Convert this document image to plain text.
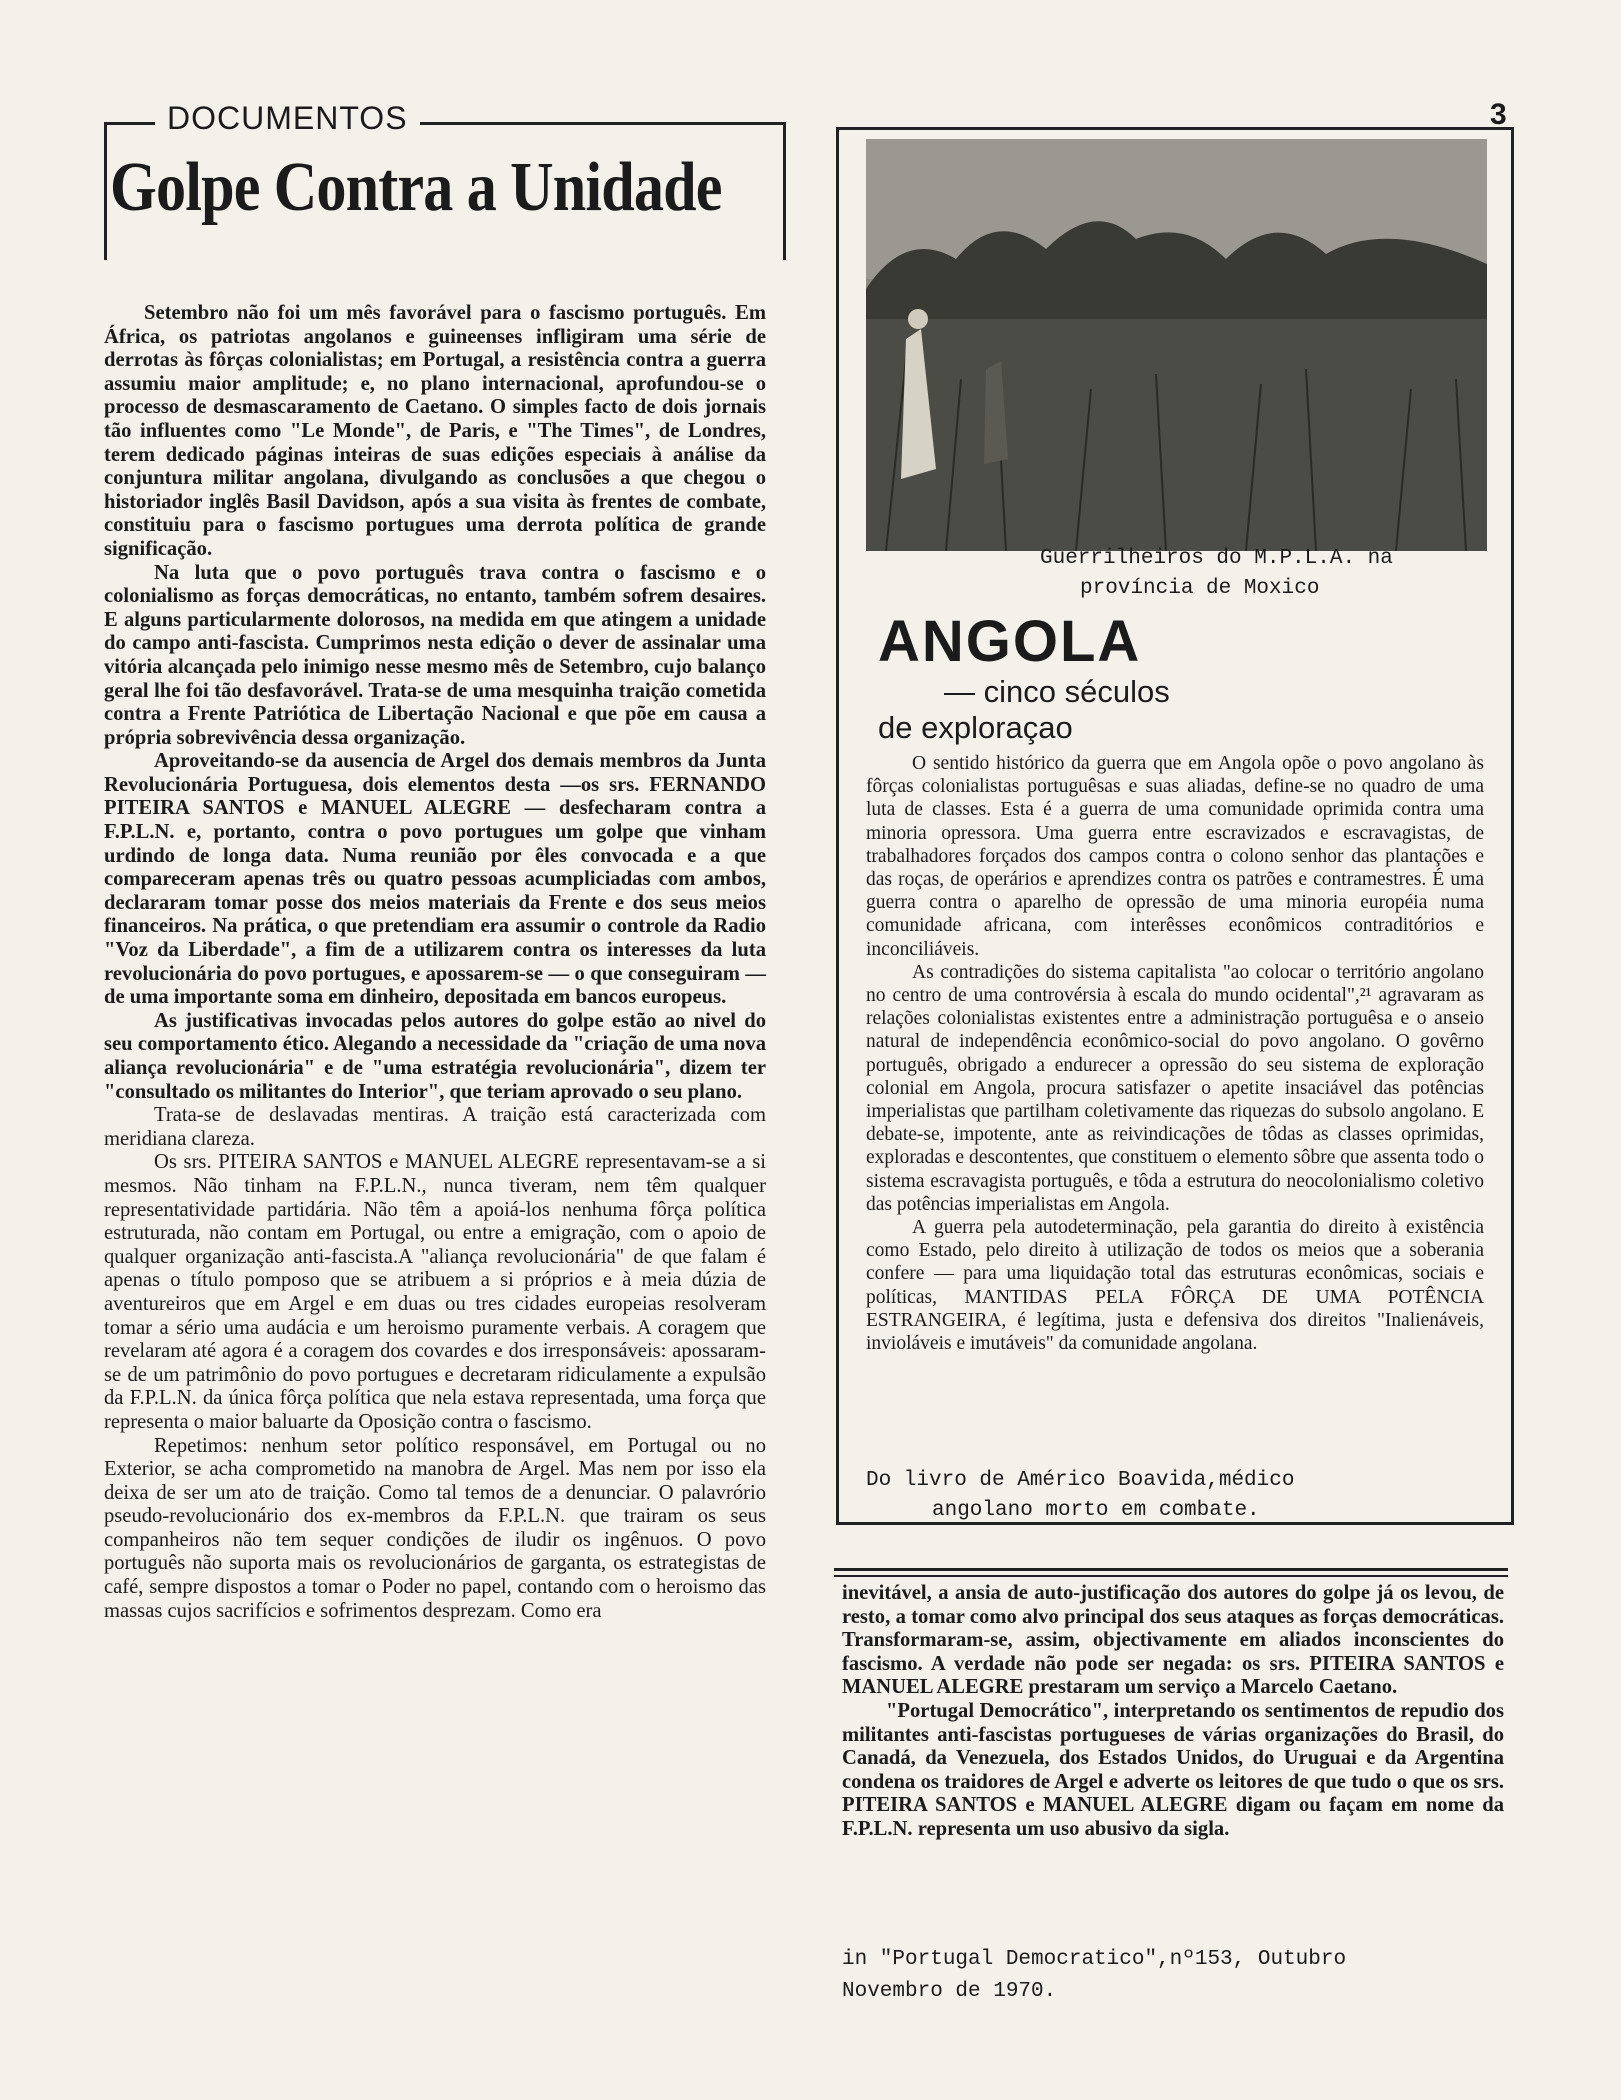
3
DOCUMENTOS
Golpe Contra a Unidade

Setembro não foi um mês favorável para o fascismo português. Em África, os patriotas angolanos e guineenses infligiram uma série de derrotas às fôrças colonialistas; em Portugal, a resistência contra a guerra assumiu maior amplitude; e, no plano internacional, aprofundou-se o processo de desmascaramento de Caetano. O simples facto de dois jornais tão influentes como "Le Monde", de Paris, e "The Times", de Londres, terem dedicado páginas inteiras de suas edições especiais à análise da conjuntura militar angolana, divulgando as conclusões a que chegou o historiador inglês Basil Davidson, após a sua visita às frentes de combate, constituiu para o fascismo portugues uma derrota política de grande significação.

Na luta que o povo português trava contra o fascismo e o colonialismo as forças democráticas, no entanto, também sofrem desaires. E alguns particularmente dolorosos, na medida em que atingem a unidade do campo anti-fascista. Cumprimos nesta edição o dever de assinalar uma vitória alcançada pelo inimigo nesse mesmo mês de Setembro, cujo balanço geral lhe foi tão desfavorável. Trata-se de uma mesquinha traição cometida contra a Frente Patriótica de Libertação Nacional e que põe em causa a própria sobrevivência dessa organização.

Aproveitando-se da ausencia de Argel dos demais membros da Junta Revolucionária Portuguesa, dois elementos desta —os srs. FERNANDO PITEIRA SANTOS e MANUEL ALEGRE — desfecharam contra a F.P.L.N. e, portanto, contra o povo portugues um golpe que vinham urdindo de longa data. Numa reunião por êles convocada e a que compareceram apenas três ou quatro pessoas acumpliciadas com ambos, declararam tomar posse dos meios materiais da Frente e dos seus meios financeiros. Na prática, o que pretendiam era assumir o controle da Radio "Voz da Liberdade", a fim de a utilizarem contra os interesses da luta revolucionária do povo portugues, e apossarem-se — o que conseguiram — de uma importante soma em dinheiro, depositada em bancos europeus.

As justificativas invocadas pelos autores do golpe estão ao nivel do seu comportamento ético. Alegando a necessidade da "criação de uma nova aliança revolucionária" e de "uma estratégia revolucionária", dizem ter "consultado os militantes do Interior", que teriam aprovado o seu plano.

Trata-se de deslavadas mentiras. A traição está caracterizada com meridiana clareza.

Os srs. PITEIRA SANTOS e MANUEL ALEGRE representavam-se a si mesmos. Não tinham na F.P.L.N., nunca tiveram, nem têm qualquer representatividade partidária. Não têm a apoiá-los nenhuma fôrça política estruturada, não contam em Portugal, ou entre a emigração, com o apoio de qualquer organização anti-fascista.A "aliança revolucionária" de que falam é apenas o título pomposo que se atribuem a si próprios e à meia dúzia de aventureiros que em Argel e em duas ou tres cidades europeias resolveram tomar a sério uma audácia e um heroismo puramente verbais. A coragem que revelaram até agora é a coragem dos covardes e dos irresponsáveis: apossaram-se de um patrimônio do povo portugues e decretaram ridiculamente a expulsão da F.P.L.N. da única fôrça política que nela estava representada, uma força que representa o maior baluarte da Oposição contra o fascismo.

Repetimos: nenhum setor político responsável, em Portugal ou no Exterior, se acha comprometido na manobra de Argel. Mas nem por isso ela deixa de ser um ato de traição. Como tal temos de a denunciar. O palavrório pseudo-revolucionário dos ex-membros da F.P.L.N. que trairam os seus companheiros não tem sequer condições de iludir os ingênuos. O povo português não suporta mais os revolucionários de garganta, os estrategistas de café, sempre dispostos a tomar o Poder no papel, contando com o heroismo das massas cujos sacrifícios e sofrimentos desprezam. Como era

Guerrilheiros do M.P.L.A. na
província de Moxico
ANGOLA
— cinco séculos
de exploraçao

O sentido histórico da guerra que em Angola opõe o povo angolano às fôrças colonialistas portuguêsas e suas aliadas, define-se no quadro de uma luta de classes. Esta é a guerra de uma comunidade oprimida contra uma minoria opressora. Uma guerra entre escravizados e escravagistas, de trabalhadores forçados dos campos contra o colono senhor das plantações e das roças, de operários e aprendizes contra os patrões e contramestres. É uma guerra contra o aparelho de opressão de uma minoria européia numa comunidade africana, com interêsses econômicos contraditórios e inconciliáveis.

As contradições do sistema capitalista "ao colocar o território angolano no centro de uma controvérsia à escala do mundo ocidental",²¹ agravaram as relações colonialistas existentes entre a administração portuguêsa e o anseio natural de independência econômico-social do povo angolano. O govêrno português, obrigado a endurecer a opressão do seu sistema de exploração colonial em Angola, procura satisfazer o apetite insaciável das potências imperialistas que partilham coletivamente das riquezas do subsolo angolano. E debate-se, impotente, ante as reivindicações de tôdas as classes oprimidas, exploradas e descontentes, que constituem o elemento sôbre que assenta todo o sistema escravagista português, e tôda a estrutura do neocolonialismo coletivo das potências imperialistas em Angola.

A guerra pela autodeterminação, pela garantia do direito à existência como Estado, pelo direito à utilização de todos os meios que a soberania confere — para uma liquidação total das estruturas econômicas, sociais e políticas, MANTIDAS PELA FÔRÇA DE UMA POTÊNCIA ESTRANGEIRA, é legítima, justa e defensiva dos direitos "Inalienáveis, invioláveis e imutáveis" da comunidade angolana.

Do livro de Américo Boavida,médico
angolano morto em combate.

inevitável, a ansia de auto-justificação dos autores do golpe já os levou, de resto, a tomar como alvo principal dos seus ataques as forças democráticas. Transformaram-se, assim, objectivamente em aliados inconscientes do fascismo. A verdade não pode ser negada: os srs. PITEIRA SANTOS e MANUEL ALEGRE prestaram um serviço a Marcelo Caetano.

"Portugal Democrático", interpretando os sentimentos de repudio dos militantes anti-fascistas portugueses de várias organizações do Brasil, do Canadá, da Venezuela, dos Estados Unidos, do Uruguai e da Argentina condena os traidores de Argel e adverte os leitores de que tudo o que os srs. PITEIRA SANTOS e MANUEL ALEGRE digam ou façam em nome da F.P.L.N. representa um uso abusivo da sigla.

in "Portugal Democratico",nº153, Outubro
Novembro de 1970.
